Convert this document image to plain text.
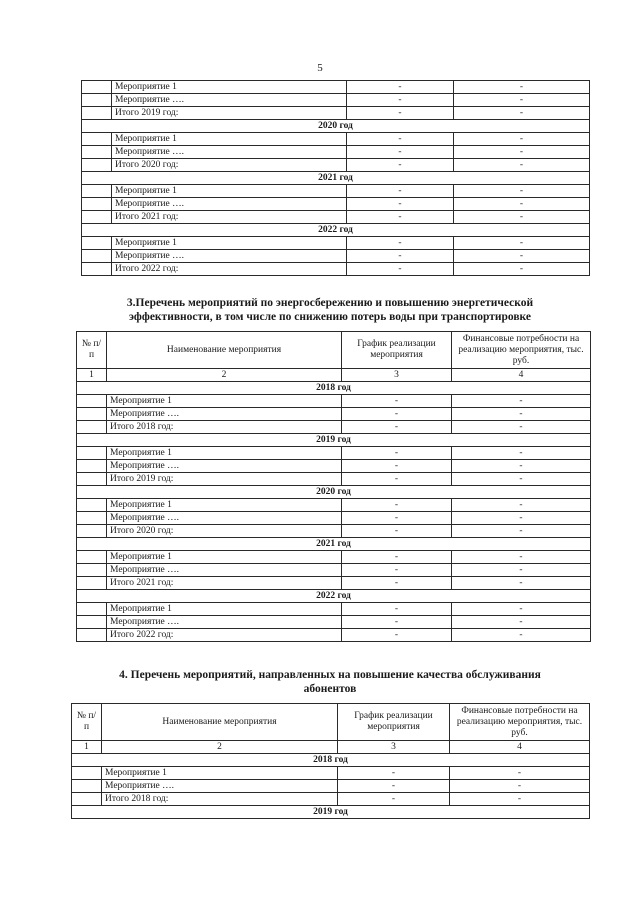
5
	Мероприятие 1	-	-
	Мероприятие ….	-	-
	Итого 2019 год:	-	-
2020 год			
	Мероприятие 1	-	-
	Мероприятие ….	-	-
	Итого 2020 год:	-	-
2021 год			
	Мероприятие 1	-	-
	Мероприятие ….	-	-
	Итого 2021 год:	-	-
2022 год			
	Мероприятие 1	-	-
	Мероприятие ….	-	-
	Итого 2022 год:	-	-
3.Перечень мероприятий по энергосбережению и повышению энергетической
эффективности, в том числе по снижению потерь воды при транспортировке
№ п/п	Наименование мероприятия	График реализации мероприятия	Финансовые потребности на реализацию мероприятия, тыс. руб.
1	2	3	4
2018 год			
	Мероприятие 1	-	-
	Мероприятие ….	-	-
	Итого 2018 год:	-	-
2019 год			
	Мероприятие 1	-	-
	Мероприятие ….	-	-
	Итого 2019 год:	-	-
2020 год			
	Мероприятие 1	-	-
	Мероприятие ….	-	-
	Итого 2020 год:	-	-
2021 год			
	Мероприятие 1	-	-
	Мероприятие ….	-	-
	Итого 2021 год:	-	-
2022 год			
	Мероприятие 1	-	-
	Мероприятие ….	-	-
	Итого 2022 год:	-	-
4. Перечень мероприятий, направленных на повышение качества обслуживания
абонентов
№ п/п	Наименование мероприятия	График реализации мероприятия	Финансовые потребности на реализацию мероприятия, тыс. руб.
1	2	3	4
2018 год			
	Мероприятие 1	-	-
	Мероприятие ….	-	-
	Итого 2018 год:	-	-
2019 год			
